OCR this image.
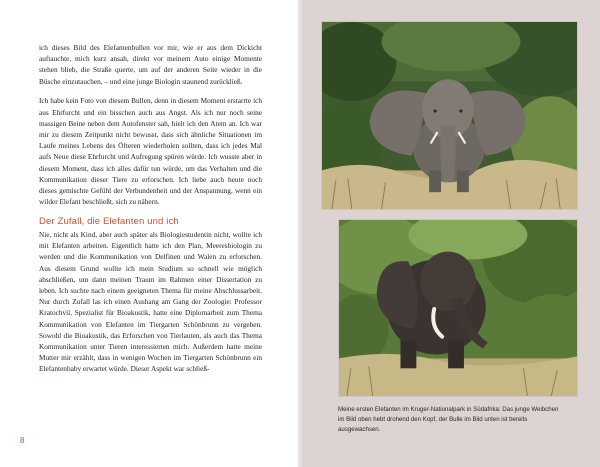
ich dieses Bild des Elefantenbullen vor mir, wie er aus dem Dickicht auftauchte, mich kurz ansah, direkt vor meinem Auto einige Momente stehen blieb, die Straße querte, um auf der anderen Seite wieder in die Büsche einzutauchen, – und eine junge Biologin staunend zurückließ.

Ich habe kein Foto von diesem Bullen, denn in diesem Moment erstarrte ich aus Ehrfurcht und ein bisschen auch aus Angst. Als ich nur noch seine massigen Beine neben dem Autofenster sah, hielt ich den Atem an. Ich war mir zu diesem Zeitpunkt nicht bewusst, dass sich ähnliche Situationen im Laufe meines Lebens des Öfteren wiederholen sollten, dass ich jedes Mal aufs Neue diese Ehrfurcht und Aufregung spüren würde. Ich wusste aber in diesem Moment, dass ich alles dafür tun würde, um das Verhalten und die Kommunikation dieser Tiere zu erforschen. Ich liebe auch heute noch dieses gemischte Gefühl der Verbundenheit und der Anspannung, wenn ein wilder Elefant beschließt, sich zu nähern.

Der Zufall, die Elefanten und ich

Nie, nicht als Kind, aber auch später als Biologiestudentin nicht, wollte ich mit Elefanten arbeiten. Eigentlich hatte ich den Plan, Meeresbiologin zu werden und die Kommunikation von Delfinen und Walen zu erforschen. Aus diesem Grund wollte ich mein Studium so schnell wie möglich abschließen, um dann meinen Traum im Rahmen einer Dissertation zu leben. Ich suchte nach einem geeigneten Thema für meine Abschlussarbeit. Nur durch Zufall las ich einen Aushang am Gang der Zoologie: Professor Kratochvil, Spezialist für Bioakustik, hatte eine Diplomarbeit zum Thema Kommunikation von Elefanten im Tiergarten Schönbrunn zu vergeben. Sowohl die Bioakustik, das Erforschen von Tierlauten, als auch das Thema Kommunikation unter Tieren interessierten mich. Außerdem hatte meine Mutter mir erzählt, dass in wenigen Wochen im Tiergarten Schönbrunn ein Elefantenbaby erwartet würde. Dieser Aspekt war schließ-

8
Meine ersten Elefanten im Kruger-Nationalpark in Südafrika: Das junge Weibchen im Bild oben hebt drohend den Kopf, der Bulle im Bild unten ist bereits ausgewachsen.
